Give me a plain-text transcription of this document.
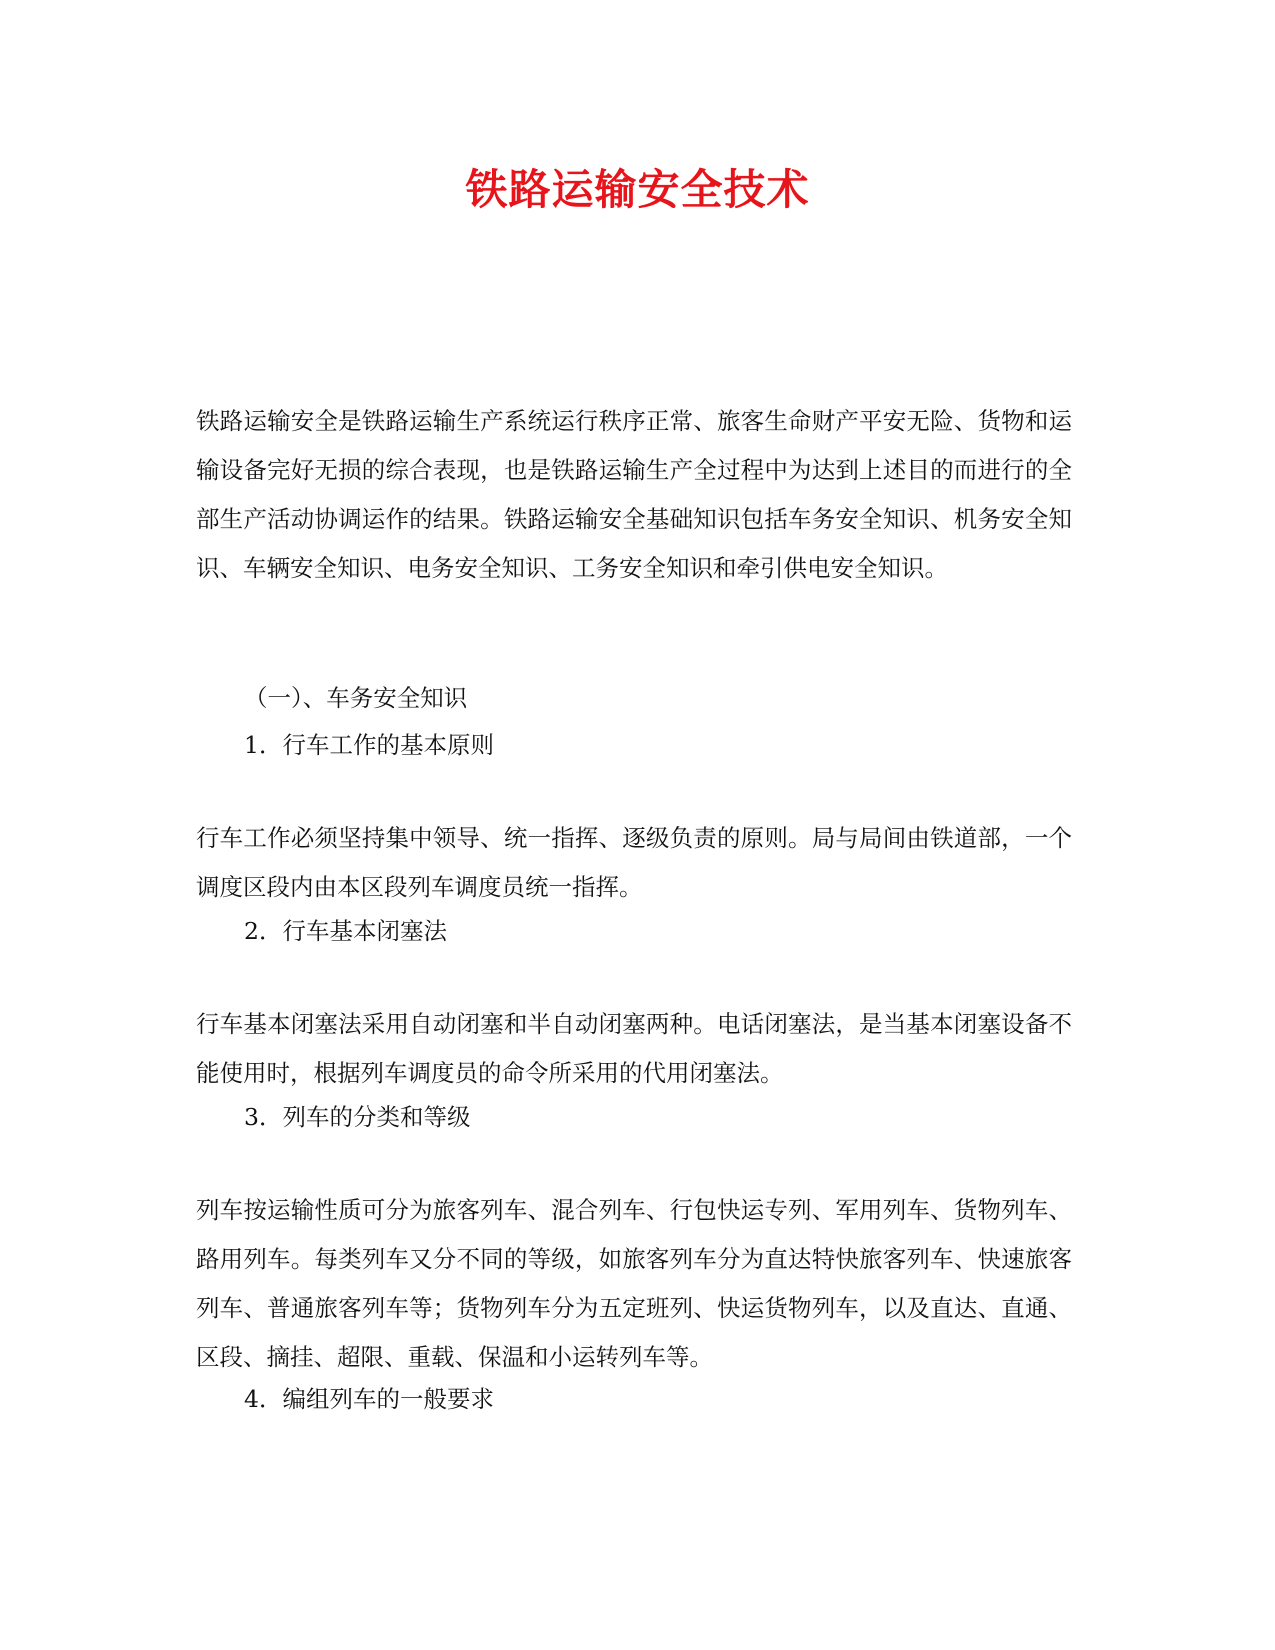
铁路运输安全技术

铁路运输安全是铁路运输生产系统运行秩序正常、旅客生命财产平安无险、货物和运输设备完好无损的综合表现，也是铁路运输生产全过程中为达到上述目的而进行的全部生产活动协调运作的结果。铁路运输安全基础知识包括车务安全知识、机务安全知识、车辆安全知识、电务安全知识、工务安全知识和牵引供电安全知识。

（一）、车务安全知识

1．行车工作的基本原则

行车工作必须坚持集中领导、统一指挥、逐级负责的原则。局与局间由铁道部，一个调度区段内由本区段列车调度员统一指挥。

2．行车基本闭塞法

行车基本闭塞法采用自动闭塞和半自动闭塞两种。电话闭塞法，是当基本闭塞设备不能使用时，根据列车调度员的命令所采用的代用闭塞法。

3．列车的分类和等级

列车按运输性质可分为旅客列车、混合列车、行包快运专列、军用列车、货物列车、路用列车。每类列车又分不同的等级，如旅客列车分为直达特快旅客列车、快速旅客列车、普通旅客列车等；货物列车分为五定班列、快运货物列车，以及直达、直通、区段、摘挂、超限、重载、保温和小运转列车等。

4．编组列车的一般要求
